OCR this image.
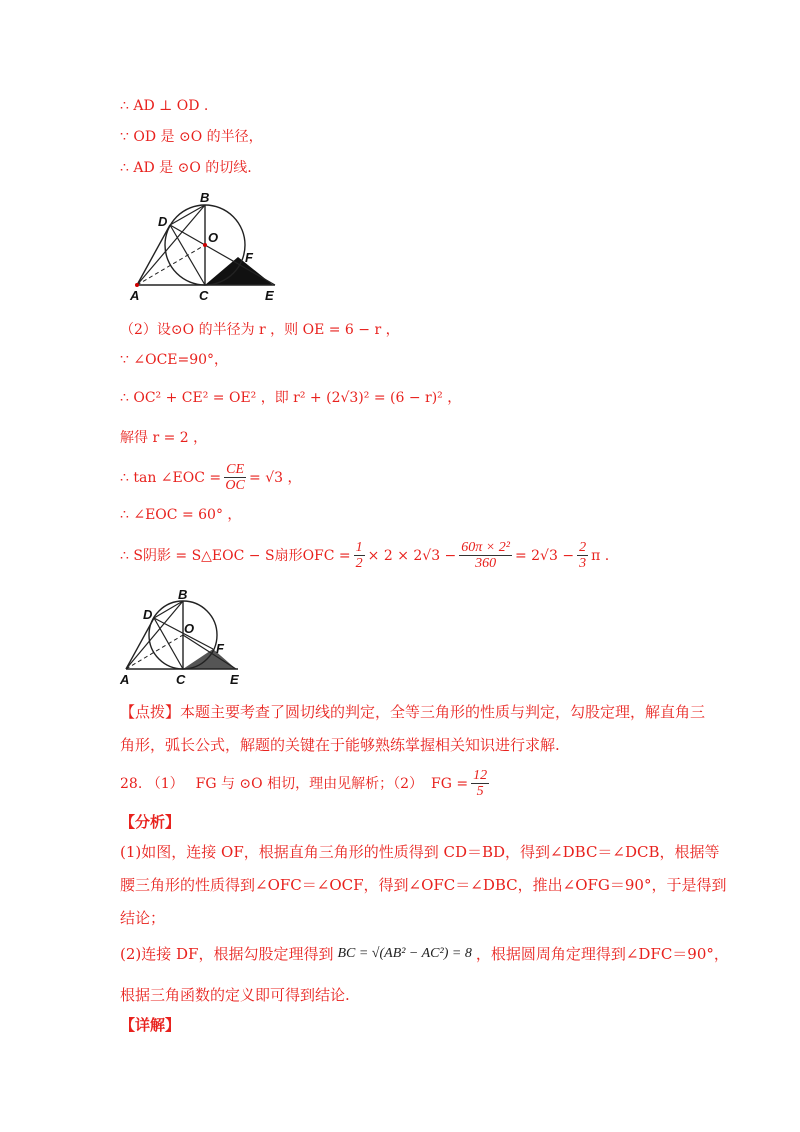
∴ AD ⊥ OD .
∵ OD 是 ⊙O 的半径，
∴ AD 是 ⊙O 的切线.
A
B
C
D
E
F
O
（2）设⊙O 的半径为 r ，则 OE = 6 − r ，
∵ ∠OCE=90°，
∴ OC² + CE² = OE² ，即 r² + (2√3)² = (6 − r)² ，
解得 r = 2 ，
∴ tan ∠EOC = $\frac{CE}{OC} = √3$ ，
∴ ∠EOC = 60° ，
∴ S阴影 = S△EOC − S扇形OFC = $\frac{1}{2} \times 2 \times 2√3 - \frac{\text{60π × 2²}}{360} = 2√3 - \frac{2}{3}$ π .
A
B
C
D
E
F
O
【点拨】本题主要考查了圆切线的判定，全等三角形的性质与判定，勾股定理，解直角三
角形，弧长公式，解题的关键在于能够熟练掌握相关知识进行求解.
28. （1） FG 与 ⊙O 相切，理由见解析；（2） FG = $\frac{12}{5}$
【分析】
(1)如图，连接 OF，根据直角三角形的性质得到 CD＝BD，得到∠DBC＝∠DCB，根据等
腰三角形的性质得到∠OFC＝∠OCF，得到∠OFC＝∠DBC，推出∠OFG＝90°，于是得到
结论；
(2)连接 DF，根据勾股定理得到 BC = √(AB² − AC²) = 8 ，根据圆周角定理得到∠DFC＝90°，
根据三角函数的定义即可得到结论.
【详解】
